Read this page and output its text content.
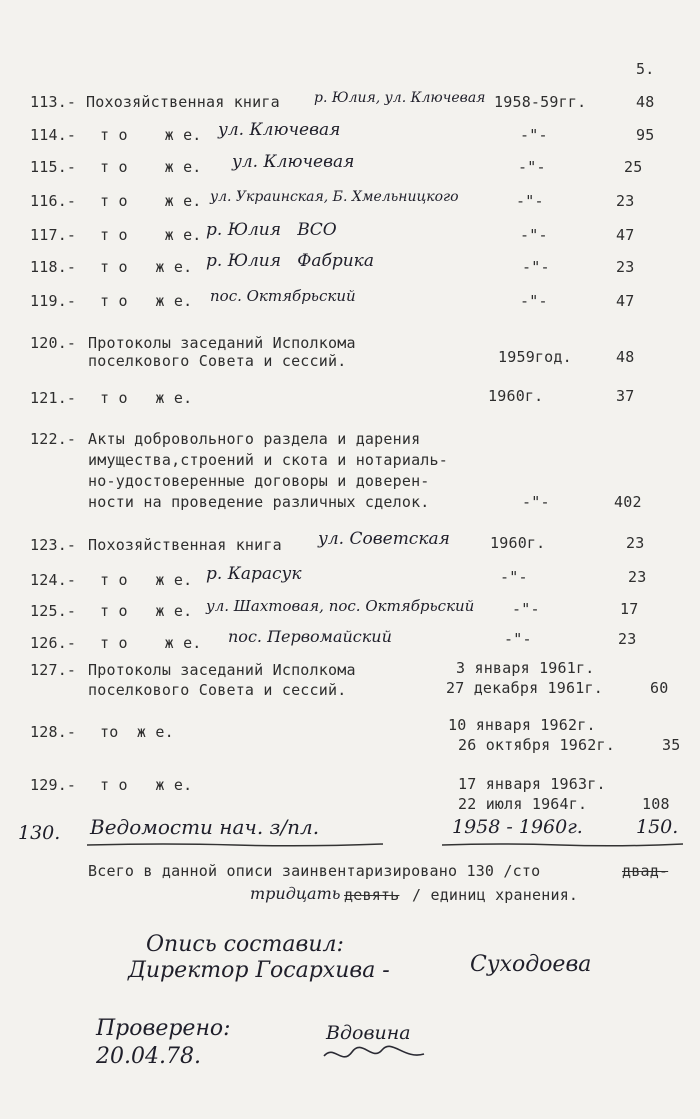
5.
113.- Похозяйственная книга р. Юлия, ул. Ключевая 1958-59гг.	48
114.- т о    ж е. ул. Ключевая	-"-	95
115.- т о    ж е. ул. Ключевая	-"-	25
116.- т о    ж е. ул. Украинская, Б. Хмельницкого	-"-	23
117.- т о    ж е. р. Юлия   ВСО	-"-	47
118.- т о   ж е. р. Юлия   Фабрика	-"-	23
119.- т о   ж е. пос. Октябрьский	-"-	47
120.- Протоколы заседаний Исполкома
поселкового Совета и сессий.	1959год.	48
121.- т о   ж е.	1960г.	37
122.- Акты добровольного раздела и дарения
имущества,строений и скота и нотариаль-
но-удостоверенные договоры и доверен-
ности на проведение различных сделок.	-"-	402
123.- Похозяйственная книга ул. Советская	1960г.	23
124.- т о   ж е. р. Карасук	-"-	23
125.- т о   ж е. ул. Шахтовая, пос. Октябрьский	-"-	17
126.- т о    ж е. пос. Первомайский	-"-	23
127.- Протоколы заседаний Исполкома
поселкового Совета и сессий.
3 января 1961г.
27 декабря 1961г.	60
128.- то  ж е.	10 января 1962г.
26 октября 1962г.	35
129.- т о   ж е.	17 января 1963г.
22 июля 1964г.	108
130. Ведомости нач. з/пл.	1958 - 1960г.	150.
Всего в данной описи заинвентаризировано 130 /сто	двад-
тридцать девять / единиц хранения.
Опись составил:
Директор Госархива -	Суходоева
Проверено:
20.04.78.
Вдовина
